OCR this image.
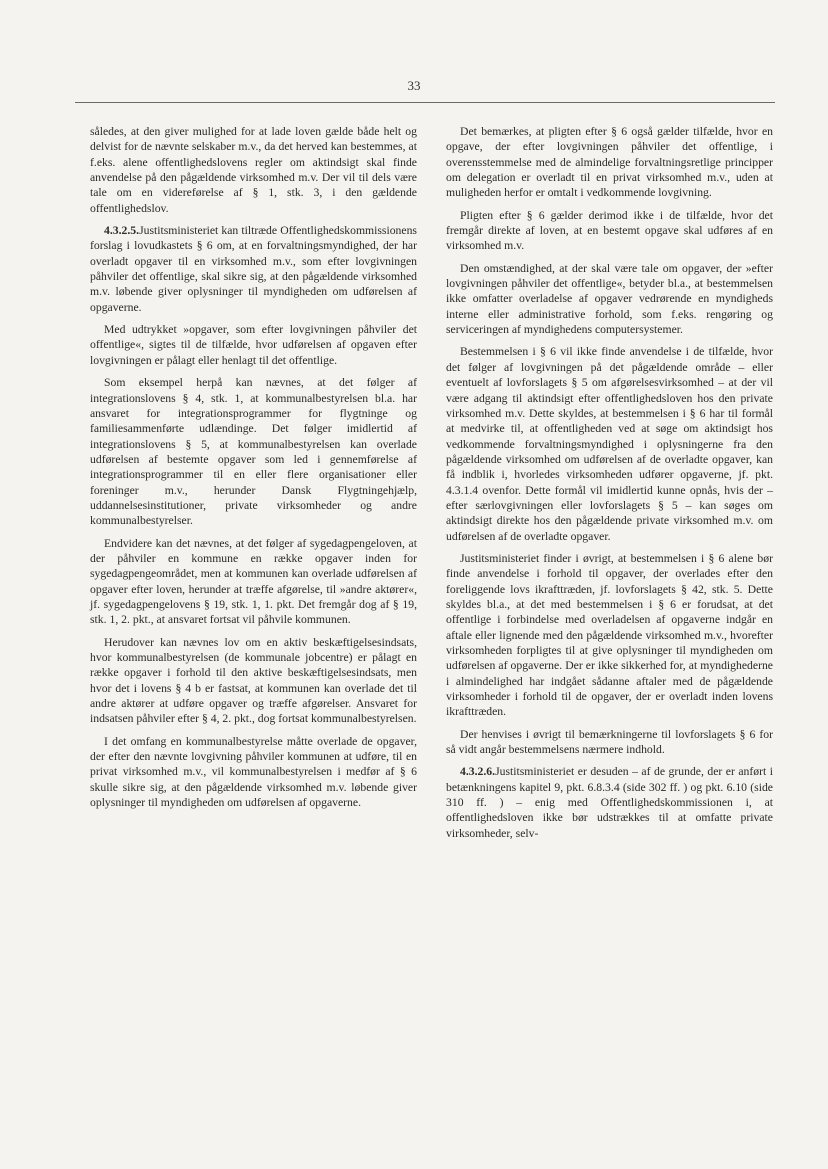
33

således, at den giver mulighed for at lade loven gælde både helt og delvist for de nævnte selskaber m.v., da det herved kan bestemmes, at f.eks. alene offentlighedslovens regler om aktindsigt skal finde anvendelse på den pågældende virksomhed m.v. Der vil til dels være tale om en videreførelse af § 1, stk. 3, i den gældende offentlighedslov.

4.3.2.5.Justitsministeriet kan tiltræde Offentlighedskommissionens forslag i lovudkastets § 6 om, at en forvaltningsmyndighed, der har overladt opgaver til en virksomhed m.v., som efter lovgivningen påhviler det offentlige, skal sikre sig, at den pågældende virksomhed m.v. løbende giver oplysninger til myndigheden om udførelsen af opgaverne.

Med udtrykket »opgaver, som efter lovgivningen påhviler det offentlige«, sigtes til de tilfælde, hvor udførelsen af opgaven efter lovgivningen er pålagt eller henlagt til det offentlige.

Som eksempel herpå kan nævnes, at det følger af integrationslovens § 4, stk. 1, at kommunalbestyrelsen bl.a. har ansvaret for integrationsprogrammer for flygtninge og familiesammenførte udlændinge. Det følger imidlertid af integrationslovens § 5, at kommunalbestyrelsen kan overlade udførelsen af bestemte opgaver som led i gennemførelse af integrationsprogrammer til en eller flere organisationer eller foreninger m.v., herunder Dansk Flygtningehjælp, uddannelsesinstitutioner, private virksomheder og andre kommunalbestyrelser.

Endvidere kan det nævnes, at det følger af sygedagpengeloven, at der påhviler en kommune en række opgaver inden for sygedagpengeområdet, men at kommunen kan overlade udførelsen af opgaver efter loven, herunder at træffe afgørelse, til »andre aktører«, jf. sygedagpengelovens § 19, stk. 1, 1. pkt. Det fremgår dog af § 19, stk. 1, 2. pkt., at ansvaret fortsat vil påhvile kommunen.

Herudover kan nævnes lov om en aktiv beskæftigelsesindsats, hvor kommunalbestyrelsen (de kommunale jobcentre) er pålagt en række opgaver i forhold til den aktive beskæftigelsesindsats, men hvor det i lovens § 4 b er fastsat, at kommunen kan overlade det til andre aktører at udføre opgaver og træffe afgørelser. Ansvaret for indsatsen påhviler efter § 4, 2. pkt., dog fortsat kommunalbestyrelsen.

I det omfang en kommunalbestyrelse måtte overlade de opgaver, der efter den nævnte lovgivning påhviler kommunen at udføre, til en privat virksomhed m.v., vil kommunalbestyrelsen i medfør af § 6 skulle sikre sig, at den pågældende virksomhed m.v. løbende giver oplysninger til myndigheden om udførelsen af opgaverne.

Det bemærkes, at pligten efter § 6 også gælder tilfælde, hvor en opgave, der efter lovgivningen påhviler det offentlige, i overensstemmelse med de almindelige forvaltningsretlige principper om delegation er overladt til en privat virksomhed m.v., uden at muligheden herfor er omtalt i vedkommende lovgivning.

Pligten efter § 6 gælder derimod ikke i de tilfælde, hvor det fremgår direkte af loven, at en bestemt opgave skal udføres af en virksomhed m.v.

Den omstændighed, at der skal være tale om opgaver, der »efter lovgivningen påhviler det offentlige«, betyder bl.a., at bestemmelsen ikke omfatter overladelse af opgaver vedrørende en myndigheds interne eller administrative forhold, som f.eks. rengøring og serviceringen af myndighedens computersystemer.

Bestemmelsen i § 6 vil ikke finde anvendelse i de tilfælde, hvor det følger af lovgivningen på det pågældende område – eller eventuelt af lovforslagets § 5 om afgørelsesvirksomhed – at der vil være adgang til aktindsigt efter offentlighedsloven hos den private virksomhed m.v. Dette skyldes, at bestemmelsen i § 6 har til formål at medvirke til, at offentligheden ved at søge om aktindsigt hos vedkommende forvaltningsmyndighed i oplysningerne fra den pågældende virksomhed om udførelsen af de overladte opgaver, kan få indblik i, hvorledes virksomheden udfører opgaverne, jf. pkt. 4.3.1.4 ovenfor. Dette formål vil imidlertid kunne opnås, hvis der – efter særlovgivningen eller lovforslagets § 5 – kan søges om aktindsigt direkte hos den pågældende private virksomhed m.v. om udførelsen af de overladte opgaver.

Justitsministeriet finder i øvrigt, at bestemmelsen i § 6 alene bør finde anvendelse i forhold til opgaver, der overlades efter den foreliggende lovs ikrafttræden, jf. lovforslagets § 42, stk. 5. Dette skyldes bl.a., at det med bestemmelsen i § 6 er forudsat, at det offentlige i forbindelse med overladelsen af opgaverne indgår en aftale eller lignende med den pågældende virksomhed m.v., hvorefter virksomheden forpligtes til at give oplysninger til myndigheden om udførelsen af opgaverne. Der er ikke sikkerhed for, at myndighederne i almindelighed har indgået sådanne aftaler med de pågældende virksomheder i forhold til de opgaver, der er overladt inden lovens ikrafttræden.

Der henvises i øvrigt til bemærkningerne til lovforslagets § 6 for så vidt angår bestemmelsens nærmere indhold.

4.3.2.6.Justitsministeriet er desuden – af de grunde, der er anført i betænkningens kapitel 9, pkt. 6.8.3.4 (side 302 ff. ) og pkt. 6.10 (side 310 ff. ) – enig med Offentlighedskommissionen i, at offentlighedsloven ikke bør udstrækkes til at omfatte private virksomheder, selv-
